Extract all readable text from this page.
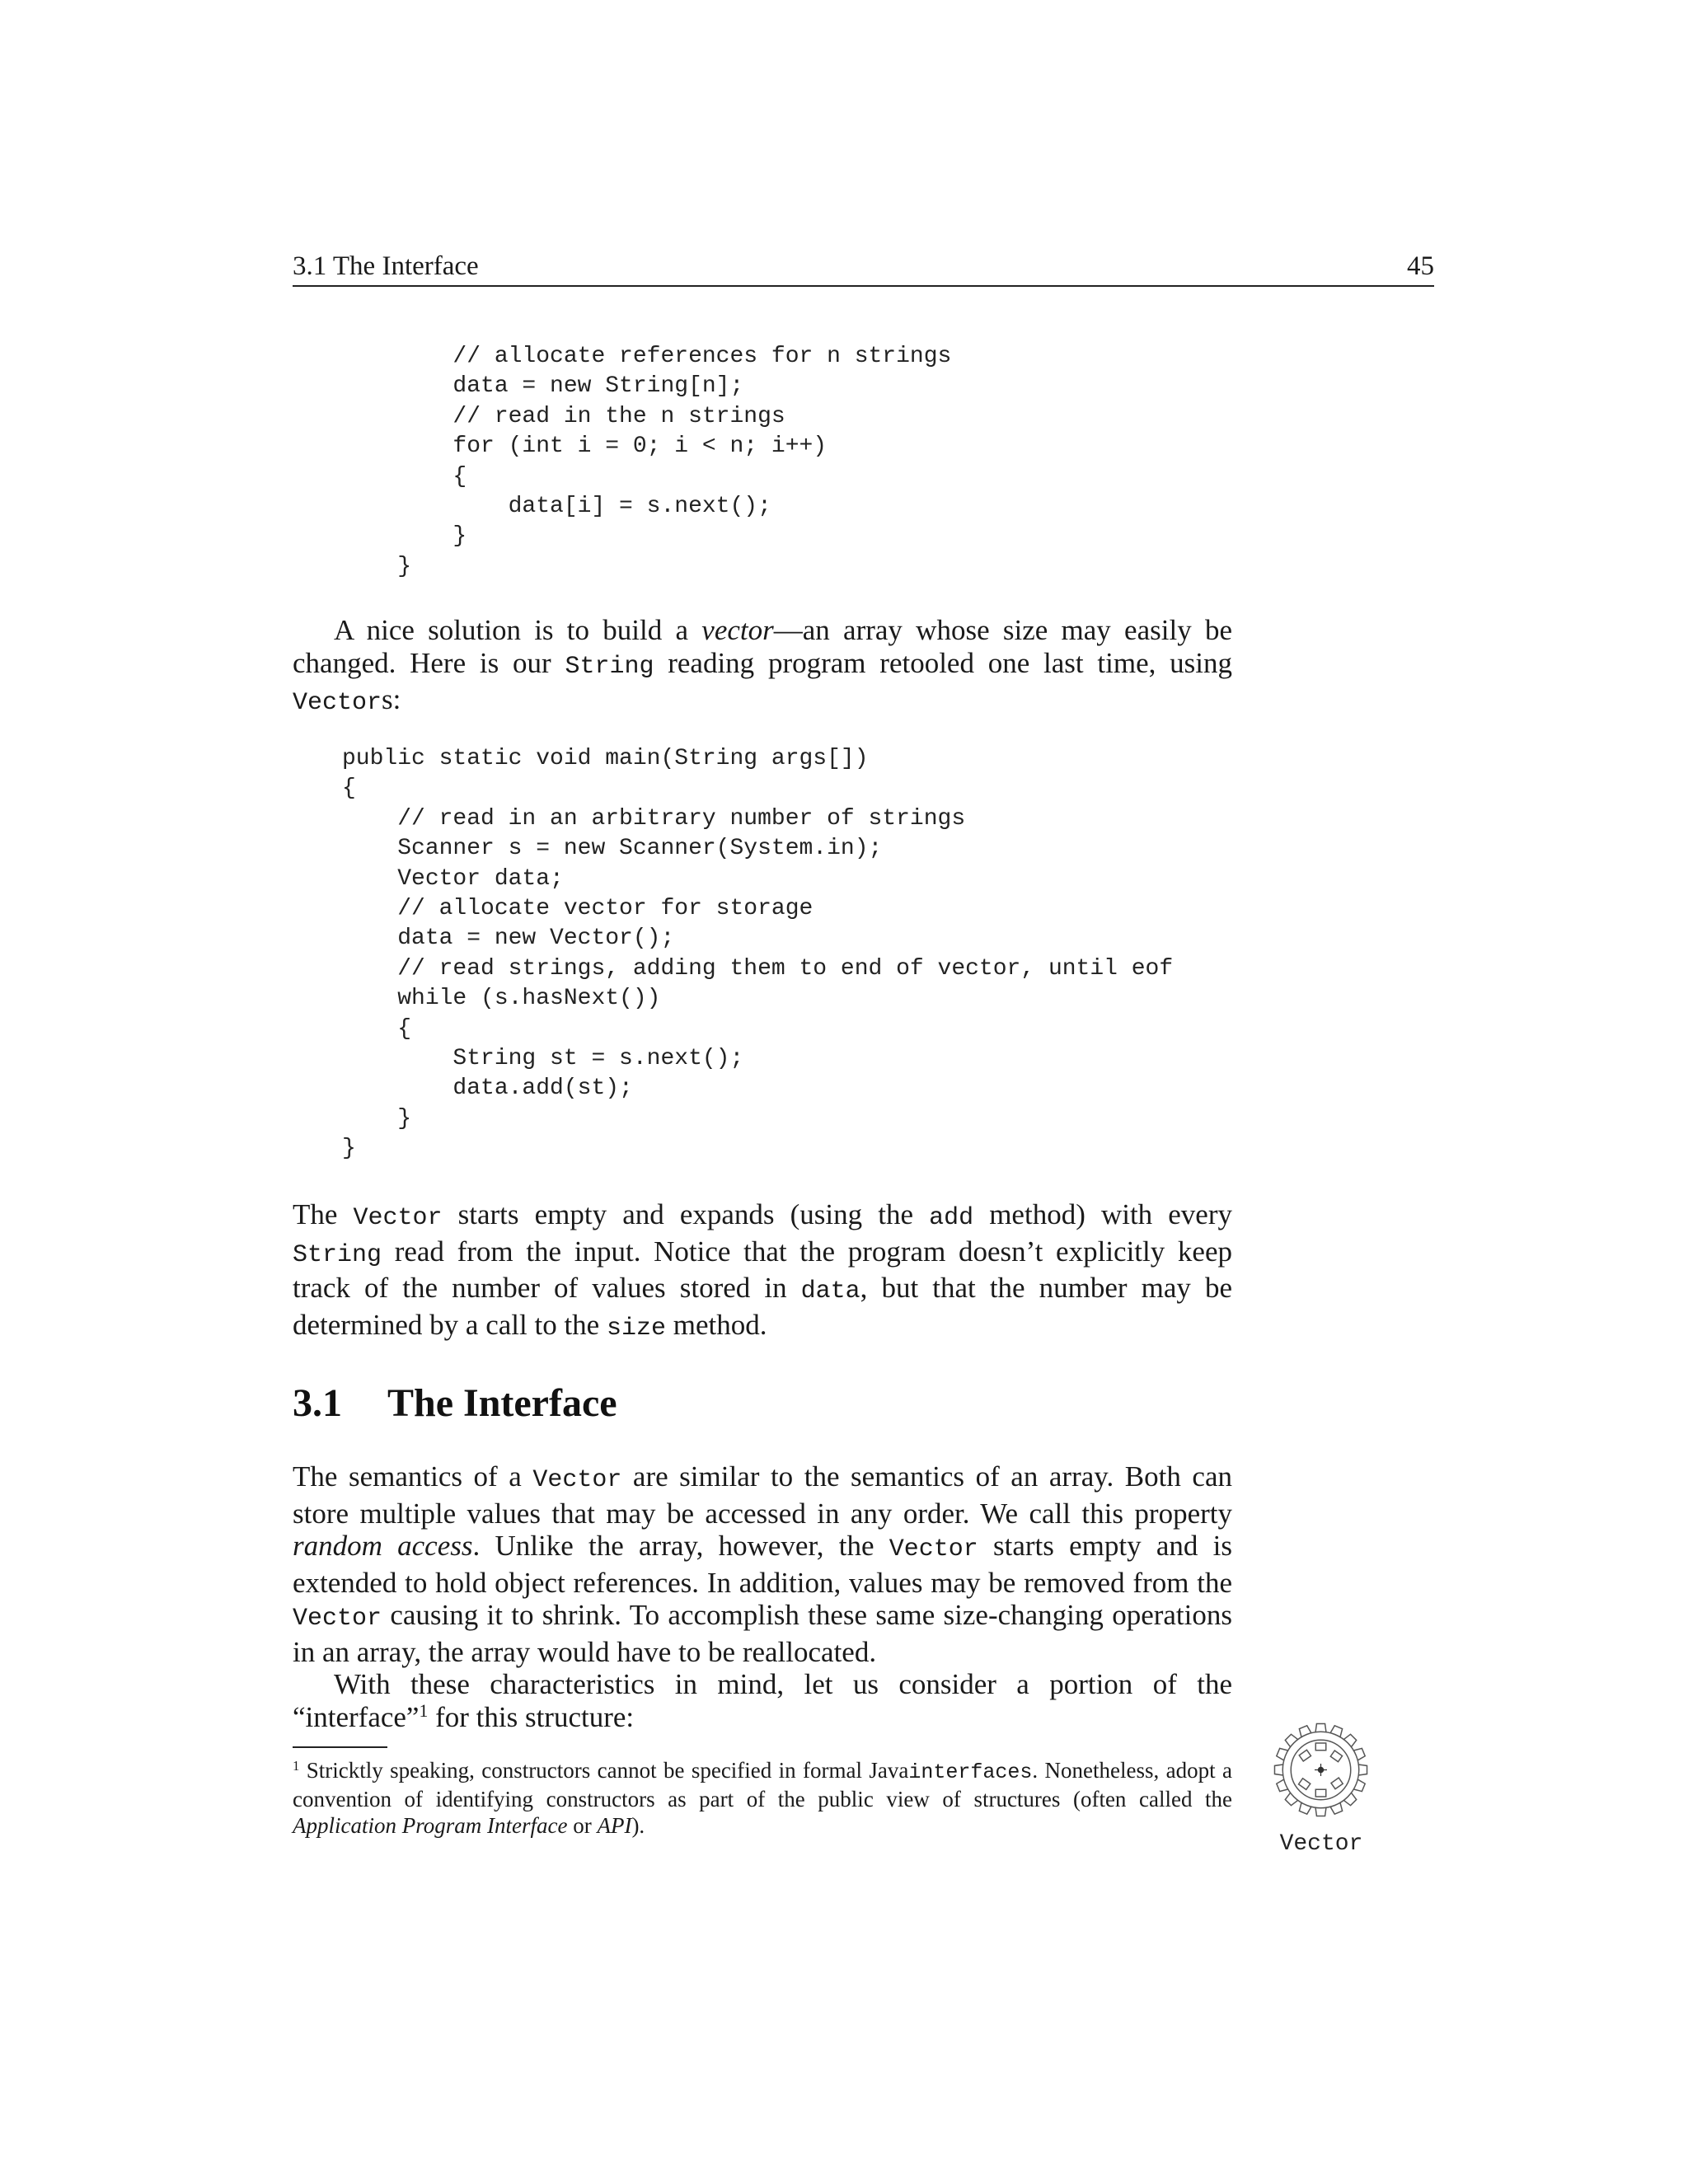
3.1 The Interface	45
// allocate references for n strings
data = new String[n];
// read in the n strings
for (int i = 0; i < n; i++)
{
data[i] = s.next();
}
}

A nice solution is to build a vector—an array whose size may easily be changed. Here is our String reading program retooled one last time, using Vectors:

public static void main(String args[])
{
// read in an arbitrary number of strings
Scanner s = new Scanner(System.in);
Vector data;
// allocate vector for storage
data = new Vector();
// read strings, adding them to end of vector, until eof
while (s.hasNext())
{
String st = s.next();
data.add(st);
}
}

The Vector starts empty and expands (using the add method) with every String read from the input. Notice that the program doesn’t explicitly keep track of the number of values stored in data, but that the number may be determined by a call to the size method.

3.1 The Interface

The semantics of a Vector are similar to the semantics of an array. Both can store multiple values that may be accessed in any order. We call this property random access. Unlike the array, however, the Vector starts empty and is extended to hold object references. In addition, values may be removed from the Vector causing it to shrink. To accomplish these same size-changing operations in an array, the array would have to be reallocated.
With these characteristics in mind, let us consider a portion of the “interface”$^1$ for this structure:

$^1$ Stricktly speaking, constructors cannot be specified in formal Javainterfaces. Nonetheless, adopt a convention of identifying constructors as part of the public view of structures (often called the Application Program Interface or API).

Vector
